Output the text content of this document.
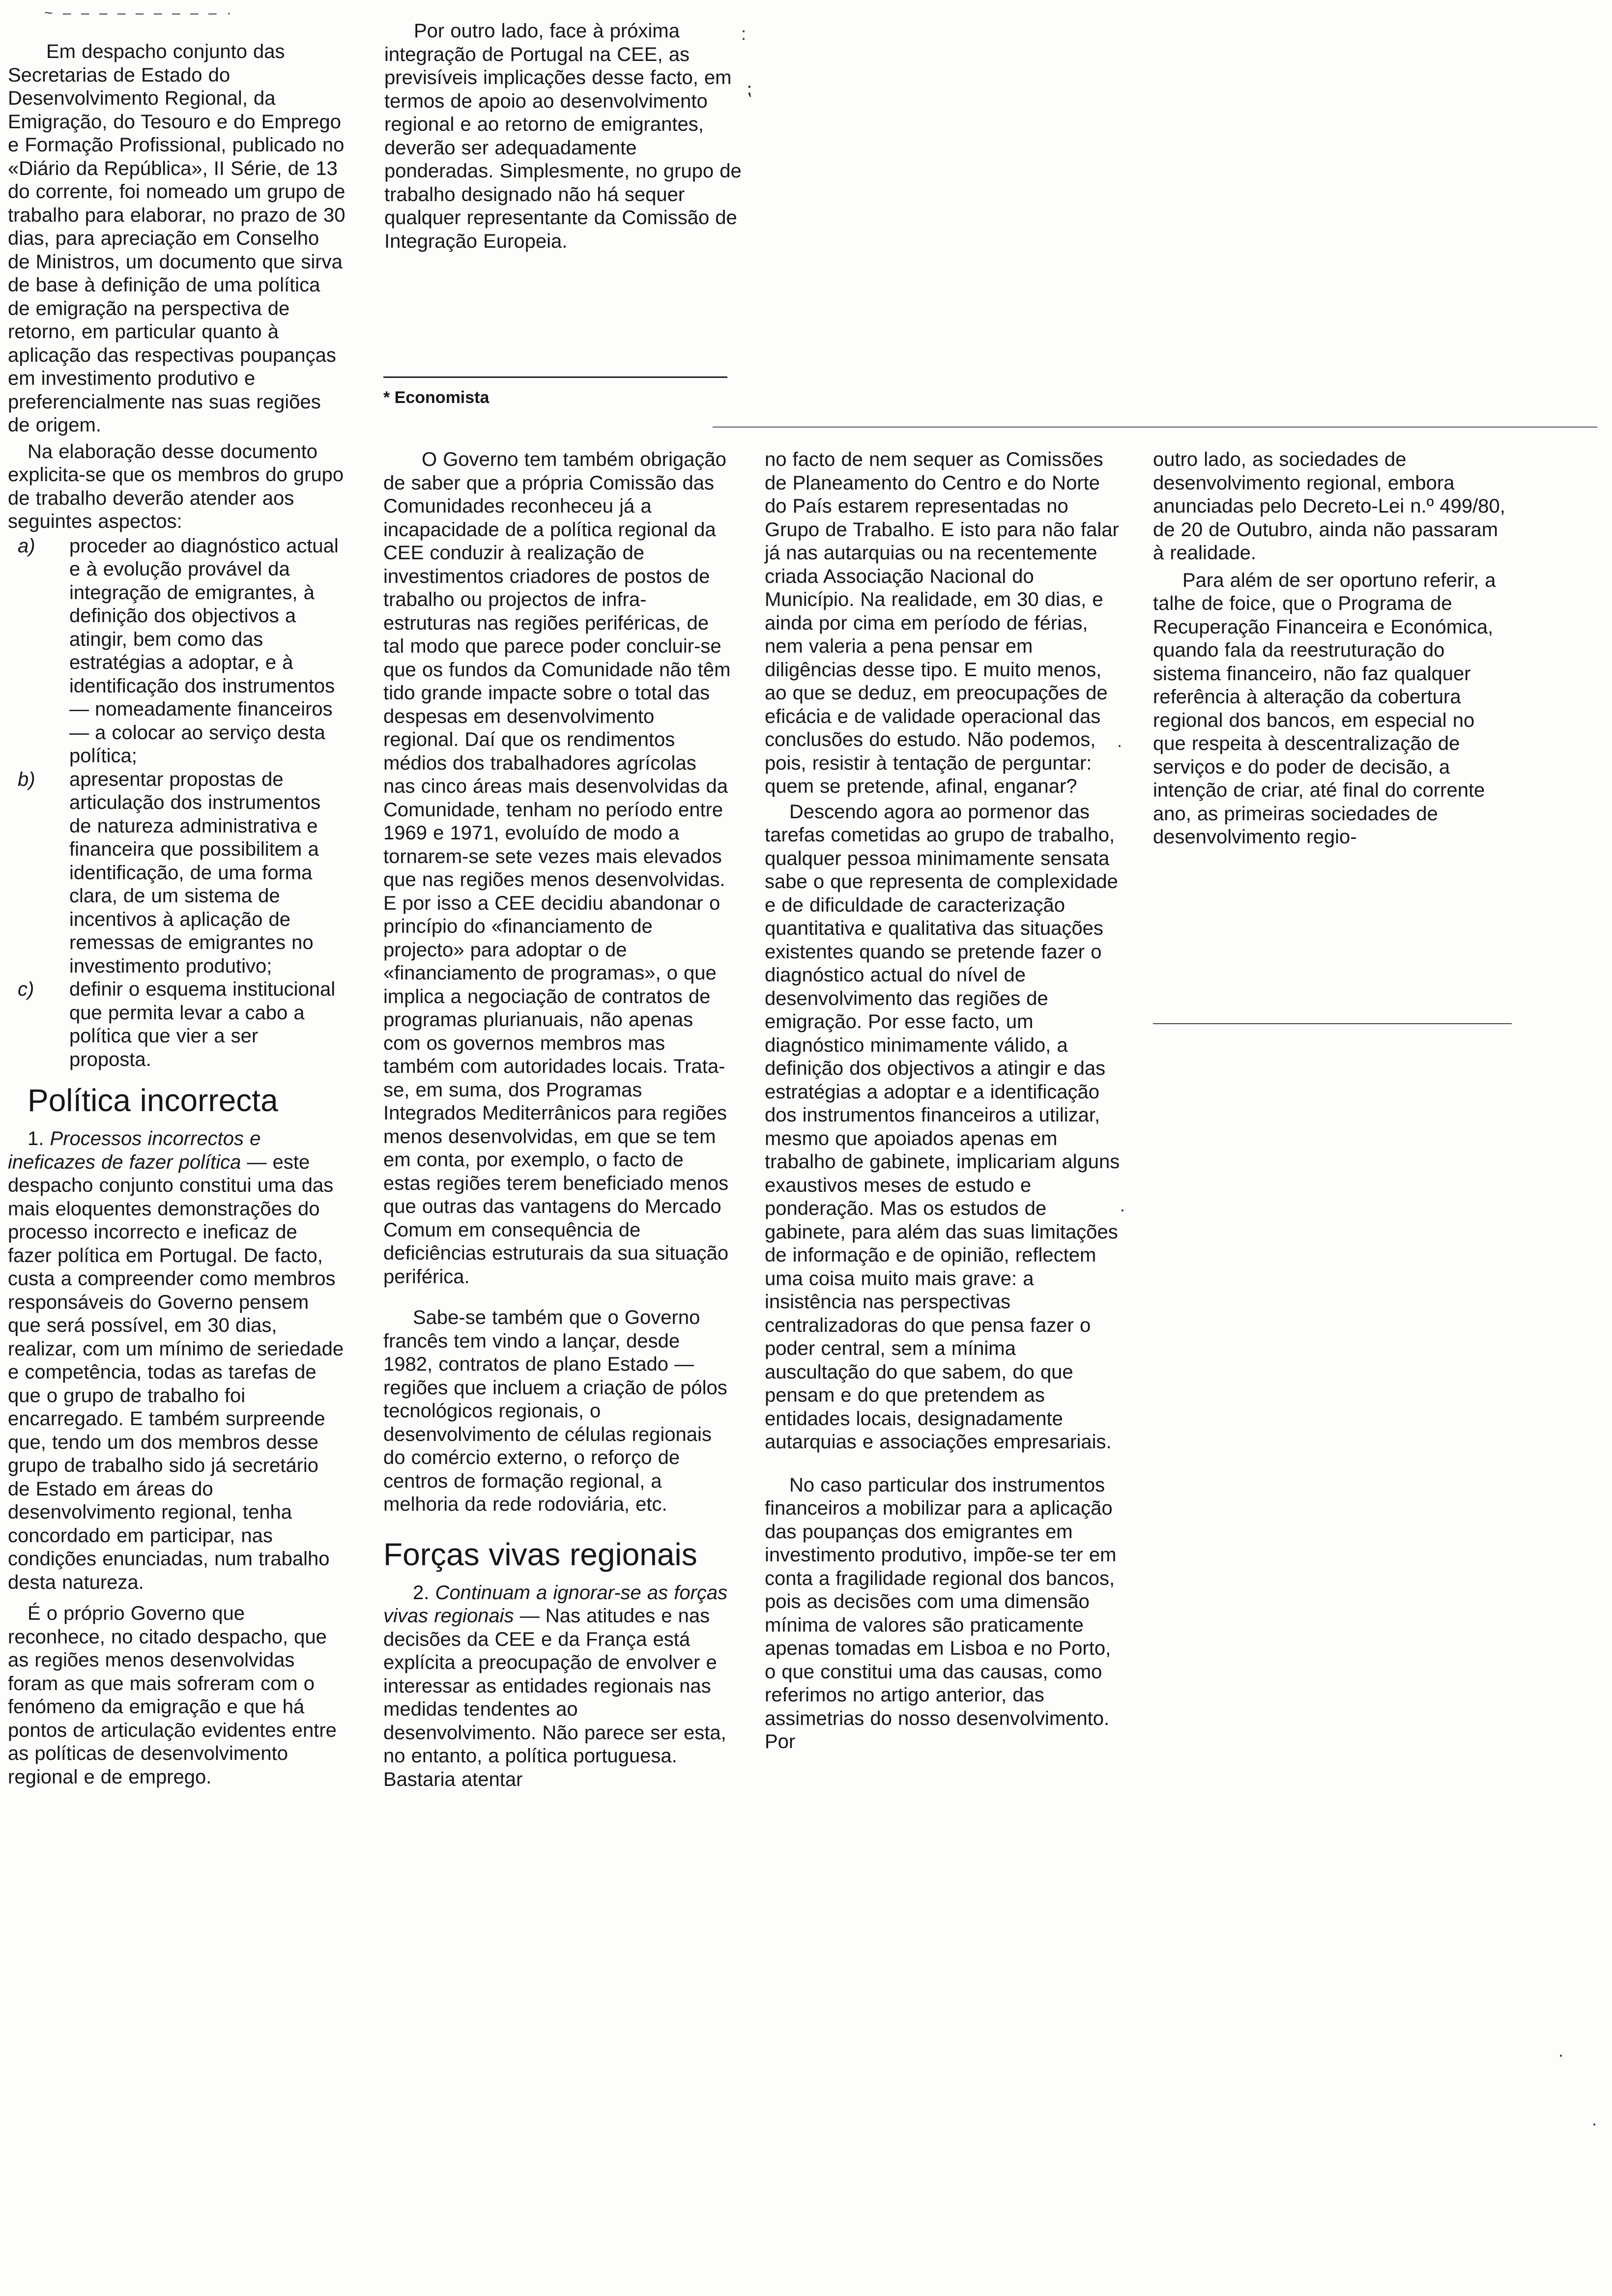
~ ‒ ‒ ‒ ‒ ‒ ‒ ‒ ‒ ‒ ·
:
⁏
·
·
·
·

Em despacho conjunto das Secretarias de Estado do Desenvolvimento Regional, da Emigração, do Tesouro e do Emprego e Formação Profissional, publicado no «Diário da República», II Série, de 13 do corrente, foi nomeado um grupo de trabalho para elaborar, no prazo de 30 dias, para apreciação em Conselho de Ministros, um documento que sirva de base à definição de uma política de emigração na perspectiva de retorno, em particular quanto à aplicação das respectivas poupanças em investimento produtivo e preferencialmente nas suas regiões de origem.

Na elaboração desse documento explicita-se que os membros do grupo de trabalho deverão atender aos seguintes aspectos:

a) proceder ao diagnóstico actual e à evolução provável da integração de emigrantes, à definição dos objectivos a atingir, bem como das estratégias a adoptar, e à identificação dos instrumentos — nomeadamente financeiros — a colocar ao serviço desta política;
b) apresentar propostas de articulação dos instrumentos de natureza administrativa e financeira que possibilitem a identificação, de uma forma clara, de um sistema de incentivos à aplicação de remessas de emigrantes no investimento produtivo;
c) definir o esquema institucional que permita levar a cabo a política que vier a ser proposta.
Política incorrecta

1. Processos incorrectos e ineficazes de fazer política — este despacho conjunto constitui uma das mais eloquentes demonstrações do processo incorrecto e ineficaz de fazer política em Portugal. De facto, custa a compreender como membros responsáveis do Governo pensem que será possível, em 30 dias, realizar, com um mínimo de seriedade e competência, todas as tarefas de que o grupo de trabalho foi encarregado. E também surpreende que, tendo um dos membros desse grupo de trabalho sido já secretário de Estado em áreas do desenvolvimento regional, tenha concordado em participar, nas condições enunciadas, num trabalho desta natureza.

É o próprio Governo que reconhece, no citado despacho, que as regiões menos desenvolvidas foram as que mais sofreram com o fenómeno da emigração e que há pontos de articulação evidentes entre as políticas de desenvolvimento regional e de emprego.

Por outro lado, face à próxima integração de Portugal na CEE, as previsíveis implicações desse facto, em termos de apoio ao desenvolvimento regional e ao retorno de emigrantes, deverão ser adequadamente ponderadas. Simplesmente, no grupo de trabalho designado não há sequer qualquer representante da Comissão de Integração Europeia.

* Economista

O Governo tem também obrigação de saber que a própria Comissão das Comunidades reconheceu já a incapacidade de a política regional da CEE conduzir à realização de investimentos criadores de postos de trabalho ou projectos de infra-estruturas nas regiões periféricas, de tal modo que parece poder concluir-se que os fundos da Comunidade não têm tido grande impacte sobre o total das despesas em desenvolvimento regional. Daí que os rendimentos médios dos trabalhadores agrícolas nas cinco áreas mais desenvolvidas da Comunidade, tenham no período entre 1969 e 1971, evoluído de modo a tornarem-se sete vezes mais elevados que nas regiões menos desenvolvidas. E por isso a CEE decidiu abandonar o princípio do «financiamento de projecto» para adoptar o de «financiamento de programas», o que implica a negociação de contratos de programas plurianuais, não apenas com os governos membros mas também com autoridades locais. Trata-se, em suma, dos Programas Integrados Mediterrânicos para regiões menos desenvolvidas, em que se tem em conta, por exemplo, o facto de estas regiões terem beneficiado menos que outras das vantagens do Mercado Comum em consequência de deficiências estruturais da sua situação periférica.

Sabe-se também que o Governo francês tem vindo a lançar, desde 1982, contratos de plano Estado — regiões que incluem a criação de pólos tecnológicos regionais, o desenvolvimento de células regionais do comércio externo, o reforço de centros de formação regional, a melhoria da rede rodoviária, etc.

Forças vivas regionais

2. Continuam a ignorar-se as forças vivas regionais — Nas atitudes e nas decisões da CEE e da França está explícita a preocupação de envolver e interessar as entidades regionais nas medidas tendentes ao desenvolvimento. Não parece ser esta, no entanto, a política portuguesa. Bastaria atentar

no facto de nem sequer as Comissões de Planeamento do Centro e do Norte do País estarem representadas no Grupo de Trabalho. E isto para não falar já nas autarquias ou na recentemente criada Associação Nacional do Município. Na realidade, em 30 dias, e ainda por cima em período de férias, nem valeria a pena pensar em diligências desse tipo. E muito menos, ao que se deduz, em preocupações de eficácia e de validade operacional das conclusões do estudo. Não podemos, pois, resistir à tentação de perguntar: quem se pretende, afinal, enganar?

Descendo agora ao pormenor das tarefas cometidas ao grupo de trabalho, qualquer pessoa minimamente sensata sabe o que representa de complexidade e de dificuldade de caracterização quantitativa e qualitativa das situações existentes quando se pretende fazer o diagnóstico actual do nível de desenvolvimento das regiões de emigração. Por esse facto, um diagnóstico minimamente válido, a definição dos objectivos a atingir e das estratégias a adoptar e a identificação dos instrumentos financeiros a utilizar, mesmo que apoiados apenas em trabalho de gabinete, implicariam alguns exaustivos meses de estudo e ponderação. Mas os estudos de gabinete, para além das suas limitações de informação e de opinião, reflectem uma coisa muito mais grave: a insistência nas perspectivas centralizadoras do que pensa fazer o poder central, sem a mínima auscultação do que sabem, do que pensam e do que pretendem as entidades locais, designadamente autarquias e associações empresariais.

No caso particular dos instrumentos financeiros a mobilizar para a aplicação das poupanças dos emigrantes em investimento produtivo, impõe-se ter em conta a fragilidade regional dos bancos, pois as decisões com uma dimensão mínima de valores são praticamente apenas tomadas em Lisboa e no Porto, o que constitui uma das causas, como referimos no artigo anterior, das assimetrias do nosso desenvolvimento. Por

outro lado, as sociedades de desenvolvimento regional, embora anunciadas pelo Decreto-Lei n.º 499/80, de 20 de Outubro, ainda não passaram à realidade.

Para além de ser oportuno referir, a talhe de foice, que o Programa de Recuperação Financeira e Económica, quando fala da reestruturação do sistema financeiro, não faz qualquer referência à alteração da cobertura regional dos bancos, em especial no que respeita à descentralização de serviços e do poder de decisão, a intenção de criar, até final do corrente ano, as primeiras sociedades de desenvolvimento regio-
